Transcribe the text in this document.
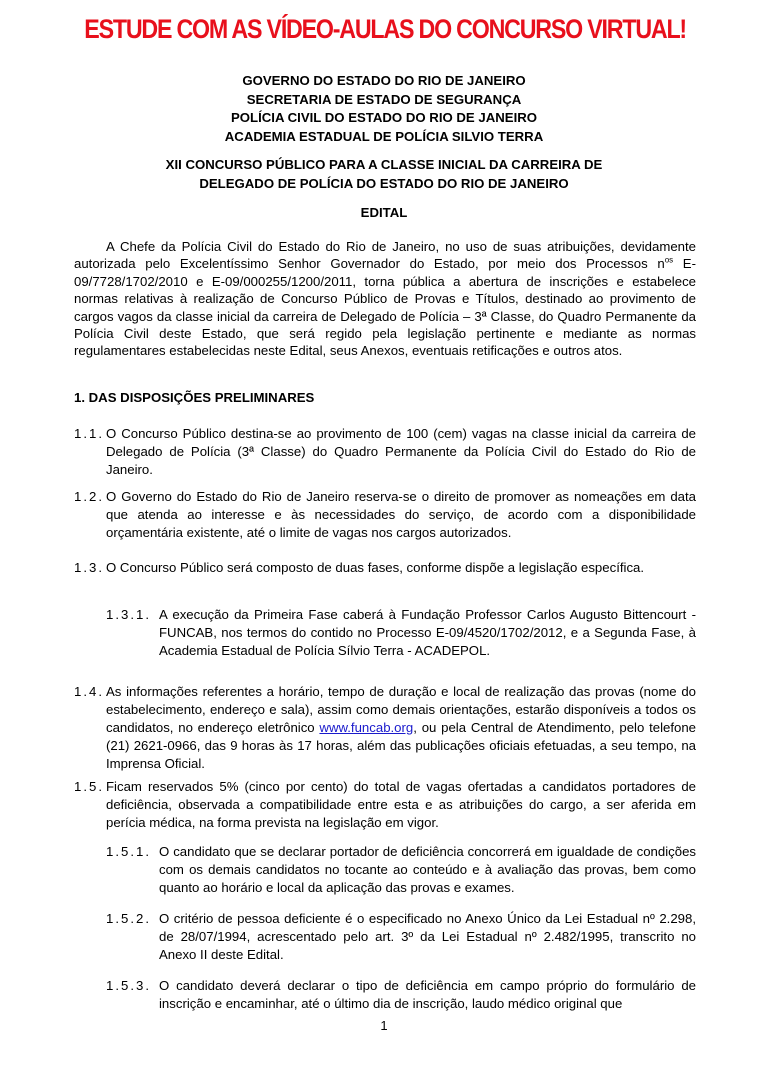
ESTUDE COM AS VÍDEO-AULAS DO CONCURSO VIRTUAL!
GOVERNO DO ESTADO DO RIO DE JANEIRO
SECRETARIA DE ESTADO DE SEGURANÇA
POLÍCIA CIVIL DO ESTADO DO RIO DE JANEIRO
ACADEMIA ESTADUAL DE POLÍCIA SILVIO TERRA
XII CONCURSO PÚBLICO PARA A CLASSE INICIAL DA CARREIRA DE
DELEGADO DE POLÍCIA DO ESTADO DO RIO DE JANEIRO
EDITAL
A Chefe da Polícia Civil do Estado do Rio de Janeiro, no uso de suas atribuições, devidamente autorizada pelo Excelentíssimo Senhor Governador do Estado, por meio dos Processos $n^{os}$ E-09/7728/1702/2010 e E-09/000255/1200/2011, torna pública a abertura de inscrições e estabelece normas relativas à realização de Concurso Público de Provas e Títulos, destinado ao provimento de cargos vagos da classe inicial da carreira de Delegado de Polícia – 3ª Classe, do Quadro Permanente da Polícia Civil deste Estado, que será regido pela legislação pertinente e mediante as normas regulamentares estabelecidas neste Edital, seus Anexos, eventuais retificações e outros atos.
1. DAS DISPOSIÇÕES PRELIMINARES
1.1. O Concurso Público destina-se ao provimento de 100 (cem) vagas na classe inicial da carreira de Delegado de Polícia (3ª Classe) do Quadro Permanente da Polícia Civil do Estado do Rio de Janeiro.
1.2. O Governo do Estado do Rio de Janeiro reserva-se o direito de promover as nomeações em data que atenda ao interesse e às necessidades do serviço, de acordo com a disponibilidade orçamentária existente, até o limite de vagas nos cargos autorizados.
1.3. O Concurso Público será composto de duas fases, conforme dispõe a legislação específica.
1.3.1. A execução da Primeira Fase caberá à Fundação Professor Carlos Augusto Bittencourt - FUNCAB, nos termos do contido no Processo E-09/4520/1702/2012, e a Segunda Fase, à Academia Estadual de Polícia Sílvio Terra - ACADEPOL.
1.4. As informações referentes a horário, tempo de duração e local de realização das provas (nome do estabelecimento, endereço e sala), assim como demais orientações, estarão disponíveis a todos os candidatos, no endereço eletrônico www.funcab.org, ou pela Central de Atendimento, pelo telefone (21) 2621-0966, das 9 horas às 17 horas, além das publicações oficiais efetuadas, a seu tempo, na Imprensa Oficial.
1.5. Ficam reservados 5% (cinco por cento) do total de vagas ofertadas a candidatos portadores de deficiência, observada a compatibilidade entre esta e as atribuições do cargo, a ser aferida em perícia médica, na forma prevista na legislação em vigor.
1.5.1. O candidato que se declarar portador de deficiência concorrerá em igualdade de condições com os demais candidatos no tocante ao conteúdo e à avaliação das provas, bem como quanto ao horário e local da aplicação das provas e exames.
1.5.2. O critério de pessoa deficiente é o especificado no Anexo Único da Lei Estadual nº 2.298, de 28/07/1994, acrescentado pelo art. 3º da Lei Estadual nº 2.482/1995, transcrito no Anexo II deste Edital.
1.5.3. O candidato deverá declarar o tipo de deficiência em campo próprio do formulário de inscrição e encaminhar, até o último dia de inscrição, laudo médico original que
1
